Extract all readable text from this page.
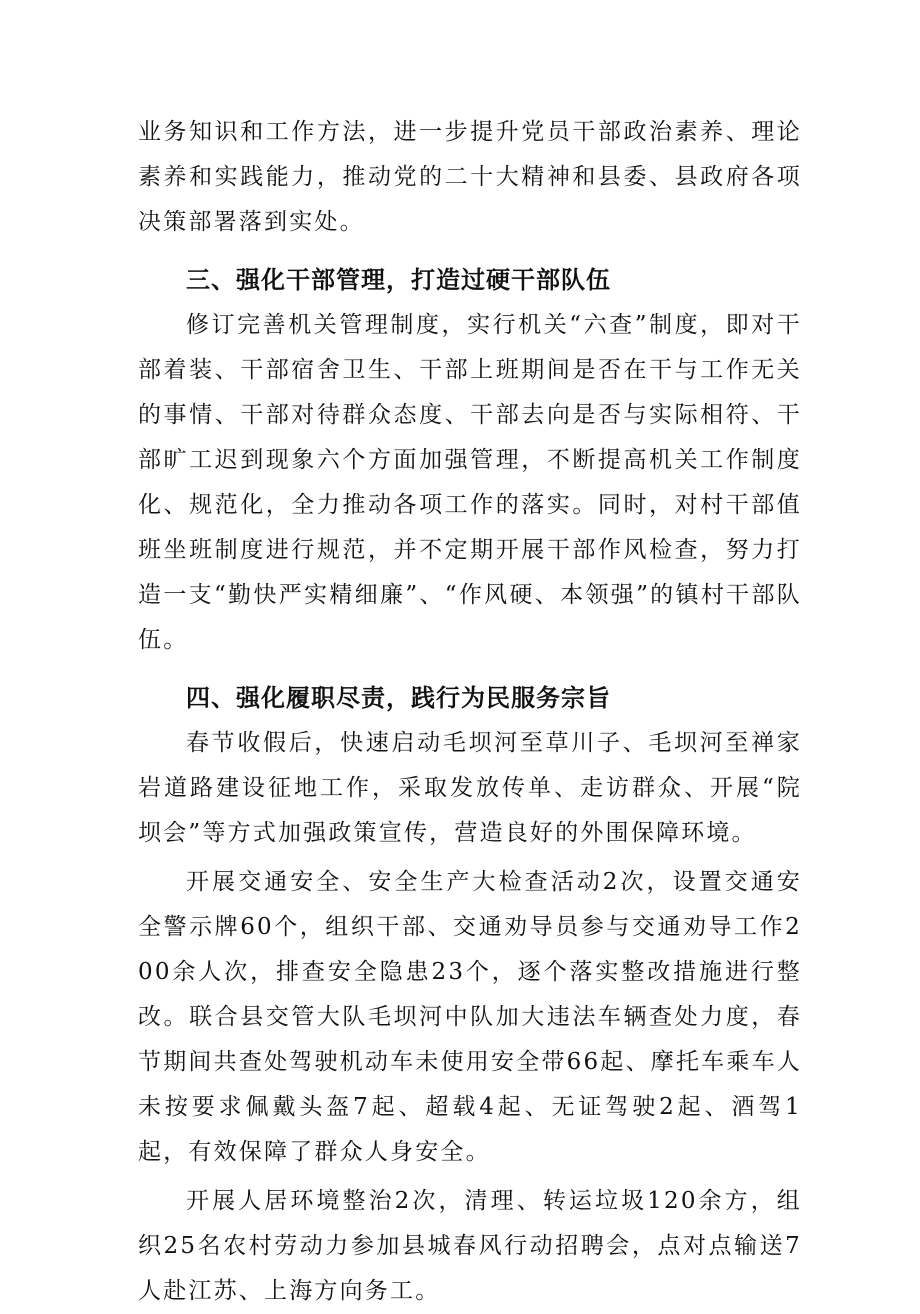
业务知识和工作方法，进一步提升党员干部政治素养、理论素养和实践能力，推动党的二十大精神和县委、县政府各项决策部署落到实处。

三、强化干部管理，打造过硬干部队伍

修订完善机关管理制度，实行机关“六查”制度，即对干部着装、干部宿舍卫生、干部上班期间是否在干与工作无关的事情、干部对待群众态度、干部去向是否与实际相符、干部旷工迟到现象六个方面加强管理，不断提高机关工作制度化、规范化，全力推动各项工作的落实。同时，对村干部值班坐班制度进行规范，并不定期开展干部作风检查，努力打造一支“勤快严实精细廉”、“作风硬、本领强”的镇村干部队伍。

四、强化履职尽责，践行为民服务宗旨

春节收假后，快速启动毛坝河至草川子、毛坝河至禅家岩道路建设征地工作，采取发放传单、走访群众、开展“院坝会”等方式加强政策宣传，营造良好的外围保障环境。

开展交通安全、安全生产大检查活动2次，设置交通安全警示牌60个，组织干部、交通劝导员参与交通劝导工作200余人次，排查安全隐患23个，逐个落实整改措施进行整改。联合县交管大队毛坝河中队加大违法车辆查处力度，春节期间共查处驾驶机动车未使用安全带66起、摩托车乘车人未按要求佩戴头盔7起、超载4起、无证驾驶2起、酒驾1起，有效保障了群众人身安全。

开展人居环境整治2次，清理、转运垃圾120余方，组织25名农村劳动力参加县城春风行动招聘会，点对点输送7人赴江苏、上海方向务工。
